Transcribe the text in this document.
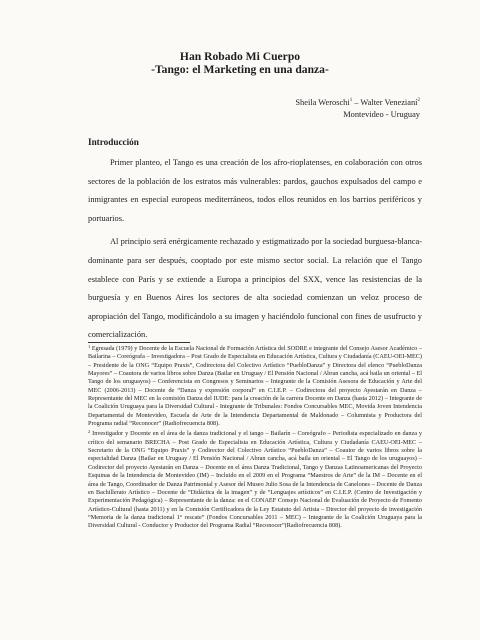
Han Robado Mi Cuerpo

-Tango: el Marketing en una danza-

Sheila Weroschi$^1$ – Walter Venezianí$^2$
Montevideo - Uruguay
Introducción

Primer planteo, el Tango es una creación de los afro-rioplatenses, en colaboración con otros sectores de la población de los estratos más vulnerables: pardos, gauchos expulsados del campo e inmigrantes en especial europeos mediterráneos, todos ellos reunidos en los barrios periféricos y portuarios.

Al principio será enérgicamente rechazado y estigmatizado por la sociedad burguesa-blanca-dominante para ser después, cooptado por este mismo sector social. La relación que el Tango establece con París y se extiende a Europa a principios del SXX, vence las resistencias de la burguesía y en Buenos Aires los sectores de alta sociedad comienzan un veloz proceso de apropiación del Tango, modificándolo a su imagen y haciéndolo funcional con fines de usufructo y comercialización.

$^1$ Egresada (1979) y Docente de la Escuela Nacional de Formación Artística del SODRE e integrante del Consejo Asesor Académico – Bailarina – Coreógrafa – Investigadora – Post Grado de Especialista en Educación Artística, Cultura y Ciudadanía (CAEU-OEI-MEC) – Presidente de la ONG “Equipo Praxis”, Codirectora del Colectivo Artístico “PuebloDanza” y Directora del elenco “PuebloDanza Mayores” – Coautora de varios libros sobre Danza (Bailar en Uruguay / El Pensión Nacional / Abran cancha, acá baila un oriental – El Tango de los uruguayos) – Conferencista en Congresos y Seminarios – Integrante de la Comisión Asesora de Educación y Arte del MEC (2006-2013) – Docente de “Danza y expresión corporal” en C.I.E.P. – Codirectora del proyecto Ayestarán en Danza – Representante del MEC en la comisión Danza del IUDE: para la creación de la carrera Docente en Danza (hasta 2012) – Integrante de la Coalición Uruguaya para la Diversidad Cultural - Integrante de Tribunales: Fondos Concursables MEC, Movida Joven Intendencia Departamental de Montevideo, Escuela de Arte de la Intendencia Departamental de Maldonado – Columnista y Productora del Programa radial “Reconocer” (Radiofrecuencia 808).

$^2$ Investigador y Docente en el área de la danza tradicional y el tango – Bailarín – Coreógrafo – Periodista especializado en danza y crítico del semanario BRECHA – Post Grado de Especialista en Educación Artística, Cultura y Ciudadanía CAEU-OEI-MEC – Secretario de la ONG “Equipo Praxis” y Codirector del Colectivo Artístico “PuebloDanza” – Coautor de varios libros sobre la especialidad Danza (Bailar en Uruguay / El Pensión Nacional / Abran cancha, acá baila un oriental – El Tango de los uruguayos) – Codirector del proyecto Ayestarán en Danza – Docente en el área Danza Tradicional, Tango y Danzas Latinoamericanas del Proyecto Esquinas de la Intendencia de Montevideo (IM) – Incluido en el 2009 en el Programa “Maestros de Arte” de la IM – Docente en el área de Tango, Coordinador de Danza Patrimonial y Asesor del Museo Julio Sosa de la Intendencia de Canelones – Docente de Danza en Bachillerato Artístico – Docente de “Didáctica de la imagen” y de “Lenguajes artísticos” en C.I.E.P. (Centro de Investigación y Experimentación Pedagógica) – Representante de la danza: en el CONAEF Consejo Nacional de Evaluación de Proyecto de Fomento Artístico-Cultural (hasta 2011) y en la Comisión Certificadora de la Ley Estatuto del Artista – Director del proyecto de investigación “Memoria de la danza tradicional 1° rescate” (Fondos Concursables 2011 – MEC) – Integrante de la Coalición Uruguaya para la Diversidad Cultural - Conductor y Productor del Programa Radial “Reconocer”(Radiofrecuencia 808).
